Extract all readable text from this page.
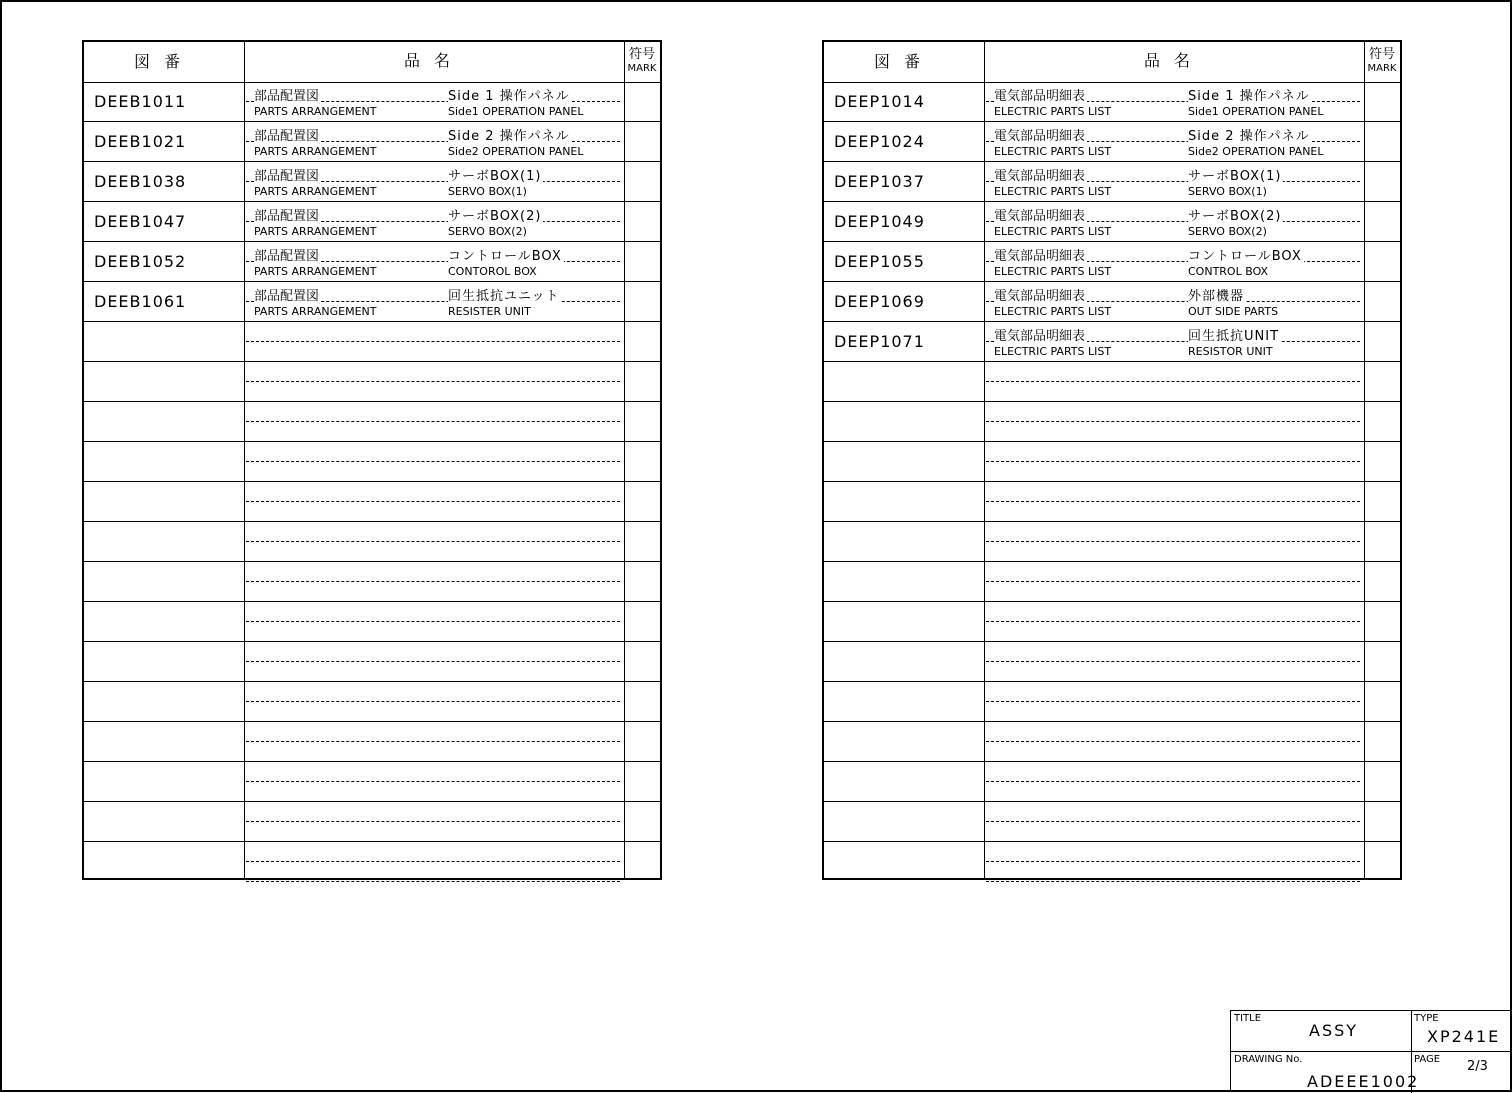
図番	品名	符号
MARK
DEEB1011	部品配置図	Side 1 操作パネル
PARTS ARRANGEMENT	Side1 OPERATION PANEL
DEEB1021	部品配置図	Side 2 操作パネル
PARTS ARRANGEMENT	Side2 OPERATION PANEL
DEEB1038	部品配置図	サーボBOX(1)
PARTS ARRANGEMENT	SERVO BOX(1)
DEEB1047	部品配置図	サーボBOX(2)
PARTS ARRANGEMENT	SERVO BOX(2)
DEEB1052	部品配置図	コントロールBOX
PARTS ARRANGEMENT	CONTOROL BOX
DEEB1061	部品配置図	回生抵抗ユニット
PARTS ARRANGEMENT	RESISTER UNIT
図番	品名	符号
MARK
DEEP1014	電気部品明細表	Side 1 操作パネル
ELECTRIC PARTS LIST	Side1 OPERATION PANEL
DEEP1024	電気部品明細表	Side 2 操作パネル
ELECTRIC PARTS LIST	Side2 OPERATION PANEL
DEEP1037	電気部品明細表	サーボBOX(1)
ELECTRIC PARTS LIST	SERVO BOX(1)
DEEP1049	電気部品明細表	サーボBOX(2)
ELECTRIC PARTS LIST	SERVO BOX(2)
DEEP1055	電気部品明細表	コントロールBOX
ELECTRIC PARTS LIST	CONTROL BOX
DEEP1069	電気部品明細表	外部機器
ELECTRIC PARTS LIST	OUT SIDE PARTS
DEEP1071	電気部品明細表	回生抵抗UNIT
ELECTRIC PARTS LIST	RESISTOR UNIT
TITLE
ASSY
TYPE
XP241E
DRAWING No.
ADEEE1002
PAGE 2/3
